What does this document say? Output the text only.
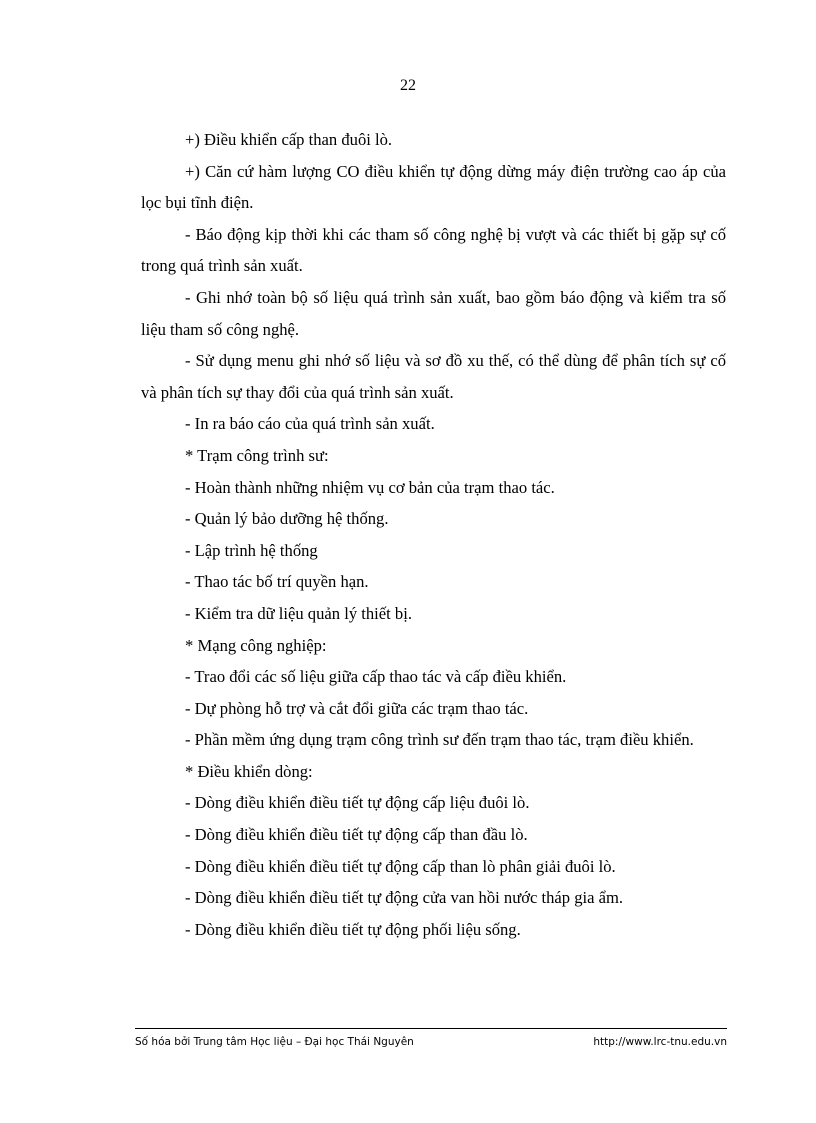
22

+) Điều khiển cấp than đuôi lò.

+) Căn cứ hàm lượng CO điều khiển tự động dừng máy điện trường cao áp của lọc bụi tĩnh điện.

- Báo động kịp thời khi các tham số công nghệ bị vượt và các thiết bị gặp sự cố trong quá trình sản xuất.

- Ghi nhớ toàn bộ số liệu quá trình sản xuất, bao gồm báo động và kiểm tra số liệu tham số công nghệ.

- Sử dụng menu ghi nhớ số liệu và sơ đồ xu thế, có thể dùng để phân tích sự cố và phân tích sự thay đổi của quá trình sản xuất.

- In ra báo cáo của quá trình sản xuất.

* Trạm công trình sư:

- Hoàn thành những nhiệm vụ cơ bản của trạm thao tác.

- Quản lý bảo dưỡng hệ thống.

- Lập trình hệ thống

- Thao tác bố trí quyền hạn.

- Kiểm tra dữ liệu quản lý thiết bị.

* Mạng công nghiệp:

- Trao đổi các số liệu giữa cấp thao tác và cấp điều khiển.

- Dự phòng hỗ trợ và cắt đổi giữa các trạm thao tác.

- Phần mềm ứng dụng trạm công trình sư đến trạm thao tác, trạm điều khiển.

* Điều khiển dòng:

- Dòng điều khiển điều tiết tự động cấp liệu đuôi lò.

- Dòng điều khiển điều tiết tự động cấp than đầu lò.

- Dòng điều khiển điều tiết tự động cấp than lò phân giải đuôi lò.

- Dòng điều khiển điều tiết tự động cửa van hồi nước tháp gia ẩm.

- Dòng điều khiển điều tiết tự động phối liệu sống.

Số hóa bởi Trung tâm Học liệu – Đại học Thái Nguyên	http://www.lrc-tnu.edu.vn
